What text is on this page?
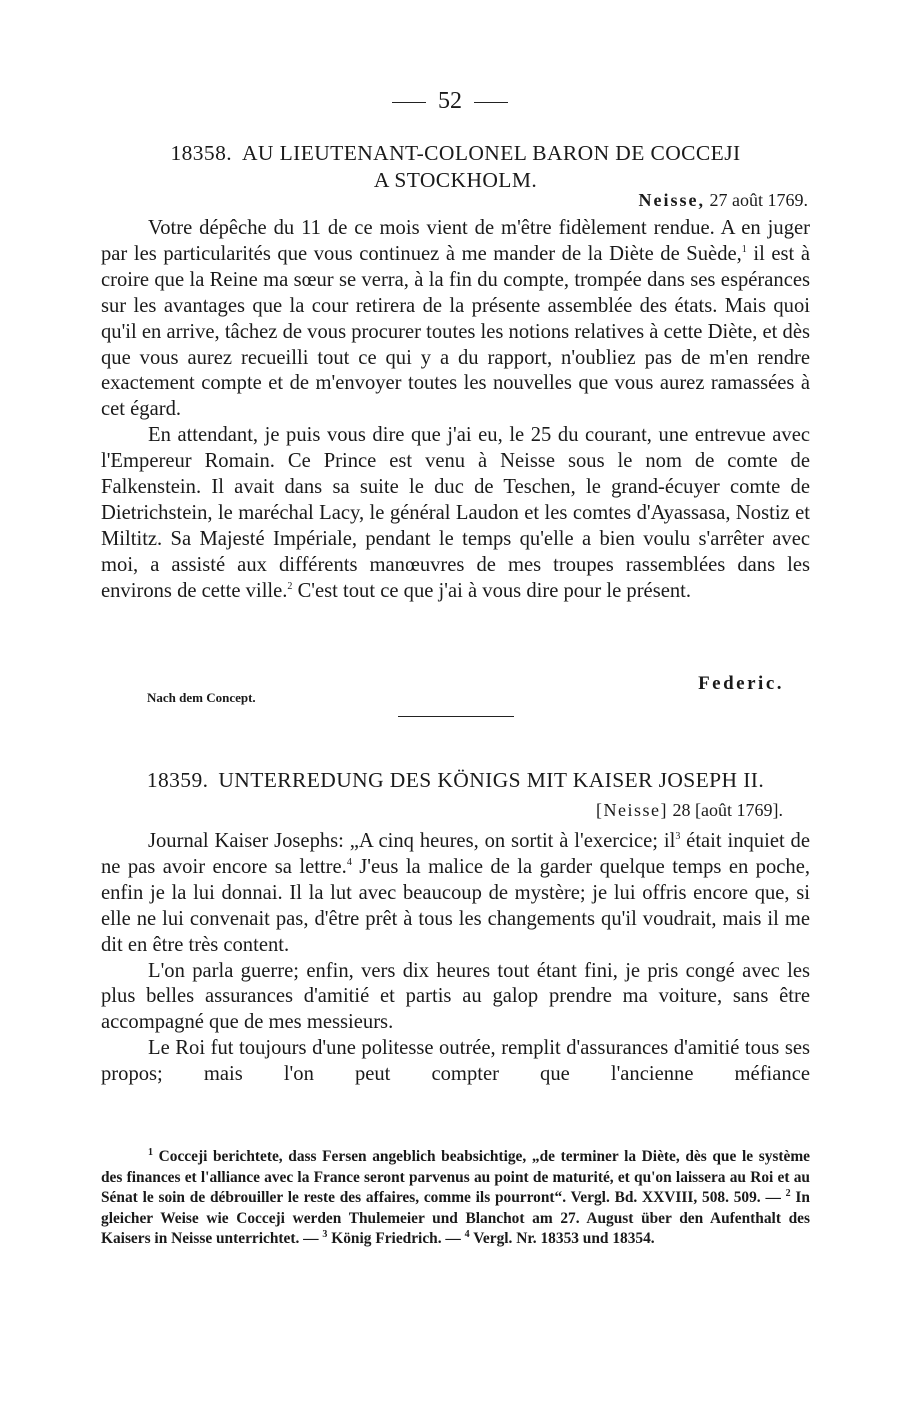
52
18358. AU LIEUTENANT-COLONEL BARON DE COCCEJI
A STOCKHOLM.
Neisse, 27 août 1769.

Votre dépêche du 11 de ce mois vient de m'être fidèlement rendue. A en juger par les particularités que vous continuez à me mander de la Diète de Suède,$^1$ il est à croire que la Reine ma sœur se verra, à la fin du compte, trompée dans ses espérances sur les avantages que la cour retirera de la présente assemblée des états. Mais quoi qu'il en arrive, tâchez de vous procurer toutes les notions relatives à cette Diète, et dès que vous aurez recueilli tout ce qui y a du rapport, n'oubliez pas de m'en rendre exactement compte et de m'envoyer toutes les nouvelles que vous aurez ramassées à cet égard.

En attendant, je puis vous dire que j'ai eu, le 25 du courant, une entrevue avec l'Empereur Romain. Ce Prince est venu à Neisse sous le nom de comte de Falkenstein. Il avait dans sa suite le duc de Teschen, le grand-écuyer comte de Dietrichstein, le maréchal Lacy, le général Laudon et les comtes d'Ayassasa, Nostiz et Miltitz. Sa Majesté Impériale, pendant le temps qu'elle a bien voulu s'arrêter avec moi, a assisté aux différents manœuvres de mes troupes rassemblées dans les environs de cette ville.$^2$ C'est tout ce que j'ai à vous dire pour le présent.

Federic.
Nach dem Concept.
18359. UNTERREDUNG DES KÖNIGS MIT KAISER JOSEPH II.
[Neisse] 28 [août 1769].

Journal Kaiser Josephs: „A cinq heures, on sortit à l'exercice; $il^3$ était inquiet de ne pas avoir encore sa lettre.$^4$ J'eus la malice de la garder quelque temps en poche, enfin je la lui donnai. Il la lut avec beaucoup de mystère; je lui offris encore que, si elle ne lui convenait pas, d'être prêt à tous les changements qu'il voudrait, mais il me dit en être très content.

L'on parla guerre; enfin, vers dix heures tout étant fini, je pris congé avec les plus belles assurances d'amitié et partis au galop prendre ma voiture, sans être accompagné que de mes messieurs.

Le Roi fut toujours d'une politesse outrée, remplit d'assurances d'amitié tous ses propos; mais l'on peut compter que l'ancienne méfiance

$^1$ Cocceji berichtete, dass Fersen angeblich beabsichtige, „de terminer la Diète, dès que le système des finances et l'alliance avec la France seront parvenus au point de maturité, et qu'on laissera au Roi et au Sénat le soin de débrouiller le reste des affaires, comme ils pourront“. Vergl. Bd. XXVIII, 508. 509. — $^2$ In gleicher Weise wie Cocceji werden Thulemeier und Blanchot am 27. August über den Aufenthalt des Kaisers in Neisse unterrichtet. — $^3$ König Friedrich. — $^4$ Vergl. Nr. 18353 und 18354.
